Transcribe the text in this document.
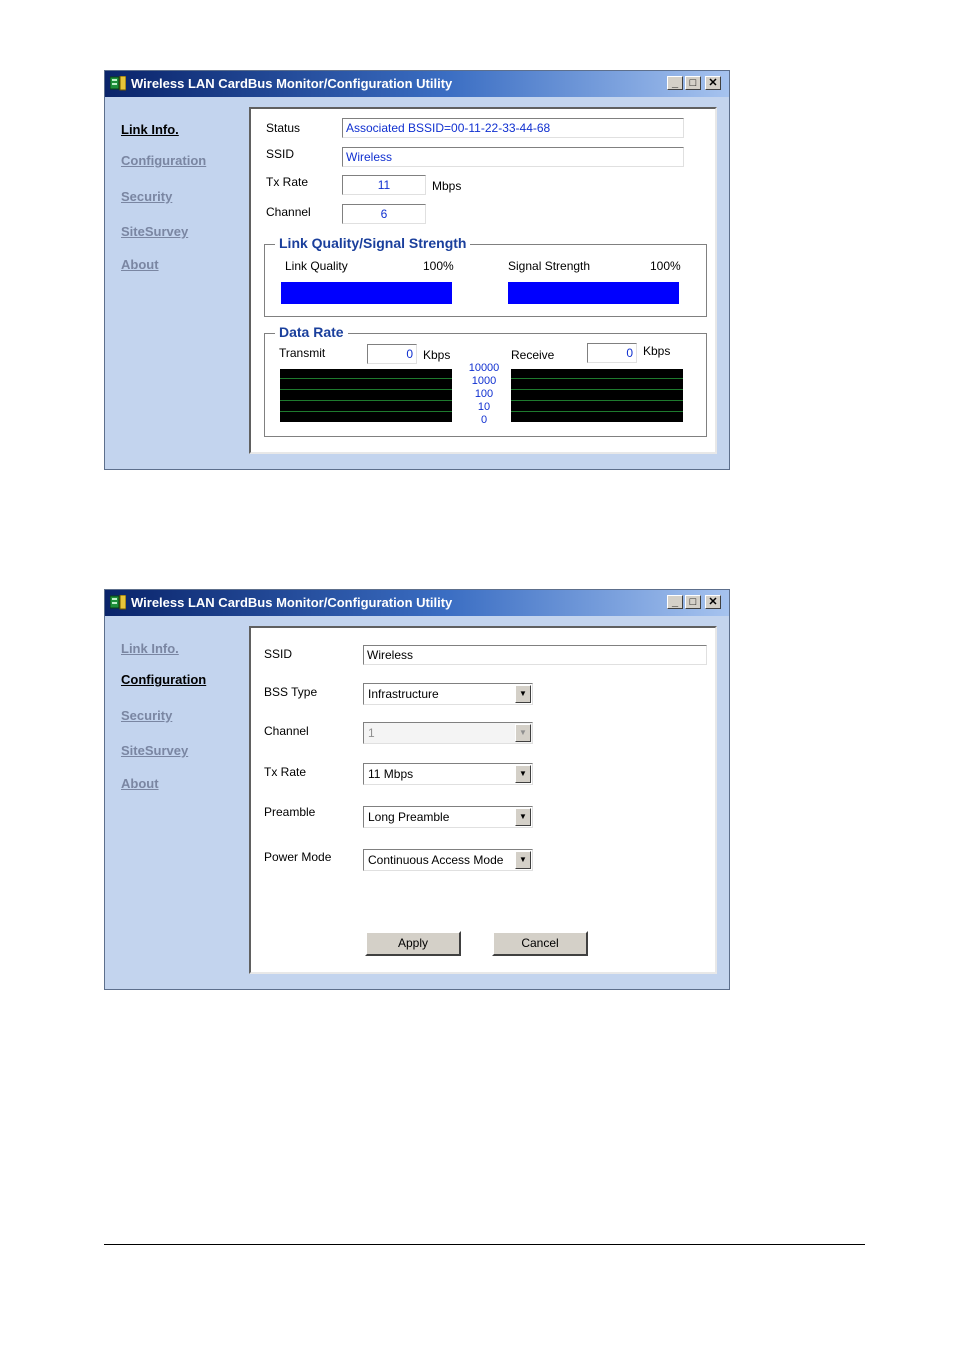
Wireless LAN CardBus Monitor/Configuration Utility	_	□	✕
Link Info.
Configuration
Security
SiteSurvey
About
Status	Associated BSSID=00-11-22-33-44-68
SSID	Wireless
Tx Rate	11	Mbps
Channel	6
Link Quality/Signal Strength
Link Quality	100%	Signal Strength	100%
Data Rate
Transmit	0 Kbps	Receive	0 Kbps
10000
1000
100
10
0
Wireless LAN CardBus Monitor/Configuration Utility	_	□	✕
Link Info.
Configuration
Security
SiteSurvey
About
SSID	Wireless
BSS Type	Infrastructure	▼
Channel	1	▼
Tx Rate	11 Mbps	▼
Preamble	Long Preamble	▼
Power Mode	Continuous Access Mode	▼
Apply	Cancel
